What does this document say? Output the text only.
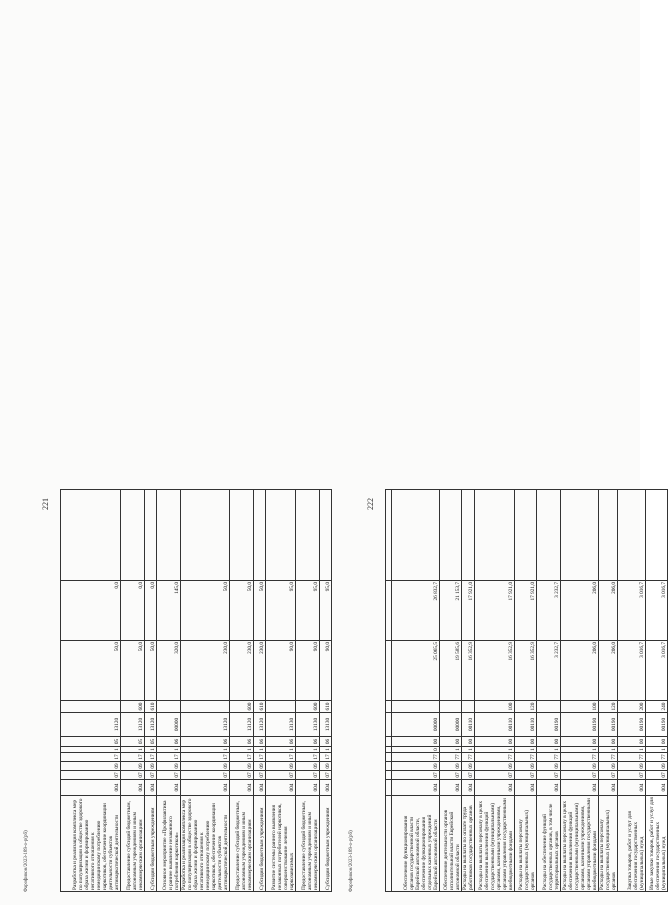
221
Разработка и реализация комплекса мер по популяризации в обществе здорового образа жизни и формированию негативного отношения к немедицинскому потреблению наркотиков, обеспечение координации деятельности субъектов антинаркотической деятельности	004	07	09	17	1	05	13120		50,0	0,0	
Предоставление субсидий бюджетным, автономным учреждениям и иным некоммерческим организациям	004	07	09	17	1	05	13120	600	50,0	0,0	
Субсидии бюджетным учреждениям	004	07	09	17	1	05	13120	610	50,0	0,0	
Основное мероприятие «Профилактика и раннее выявление незаконного потребления наркотиков»	004	07	09	17	1	06	00000		320,0	145,0	
Разработка и реализация комплекса мер по популяризации в обществе здорового образа жизни и формированию негативного отношения к немедицинскому потреблению наркотиков, обеспечение координации деятельности субъектов антинаркотической деятельности	004	07	09	17	1	06	13120		230,0	50,0	
Предоставление субсидий бюджетным, автономным учреждениям и иным некоммерческим организациям	004	07	09	17	1	06	13120	600	230,0	50,0	
Субсидии бюджетным учреждениям	004	07	09	17	1	06	13120	610	230,0	50,0	
Развитие системы раннего выявления незаконных потребителей наркотиков, совершенствование лечения наркозависимых	004	07	09	17	1	06	13130		90,0	95,0	
Предоставление субсидий бюджетным, автономным учреждениям и иным некоммерческим организациям	004	07	09	17	1	06	13130	600	90,0	95,0	
Субсидии бюджетным учреждениям	004	07	09	17	1	06	13130	610	90,0	95,0	
Фарофикон/2023-189-о-р(рб)
222

Обеспечение функционирования органов государственной власти Еврейской автономной области, обеспечение функционирования отдельных казенных учреждений Еврейской автономной области	004	07	09	77	0	00	00000		25 065,5	26 832,7	
Обеспечение деятельности органов исполнительной власти Еврейской автономной области	004	07	09	77	1	00	00000		19 585,6	21 153,7	
Расходы на выплаты по оплате труда работников государственных органов	004	07	09	77	1	00	00110		16 352,9	17 921,0	
Расходы на выплаты персоналу в целях обеспечения выполнения функций государственными (муниципальными) органами, казенными учреждениями, органами управления государственными внебюджетными фондами	004	07	09	77	1	00	00110	100	16 352,9	17 921,0	
Расходы на выплаты персоналу государственных (муниципальных) органов	004	07	09	77	1	00	00110	120	16 352,9	17 921,0	
Расходы на обеспечение функций государственных органов, в том числе территориальных органов	004	07	09	77	1	00	00190		3 232,7	3 232,7	
Расходы на выплаты персоналу в целях обеспечения выполнения функций государственными (муниципальными) органами, казенными учреждениями, органами управления государственными внебюджетными фондами	004	07	09	77	1	00	00190	100	206,0	206,0	
Расходы на выплаты персоналу государственных (муниципальных) органов	004	07	09	77	1	00	00190	120	206,0	206,0	
Закупка товаров, работ и услуг для обеспечения государственных (муниципальных) нужд	004	07	09	77	1	00	00190	200	3 016,7	3 016,7	
Иные закупки товаров, работ и услуг для обеспечения государственных (муниципальных) нужд	004	07	09	77	1	00	00190	240	3 016,7	3 016,7	
Фарофикон/2023-189-о-р(рб)
